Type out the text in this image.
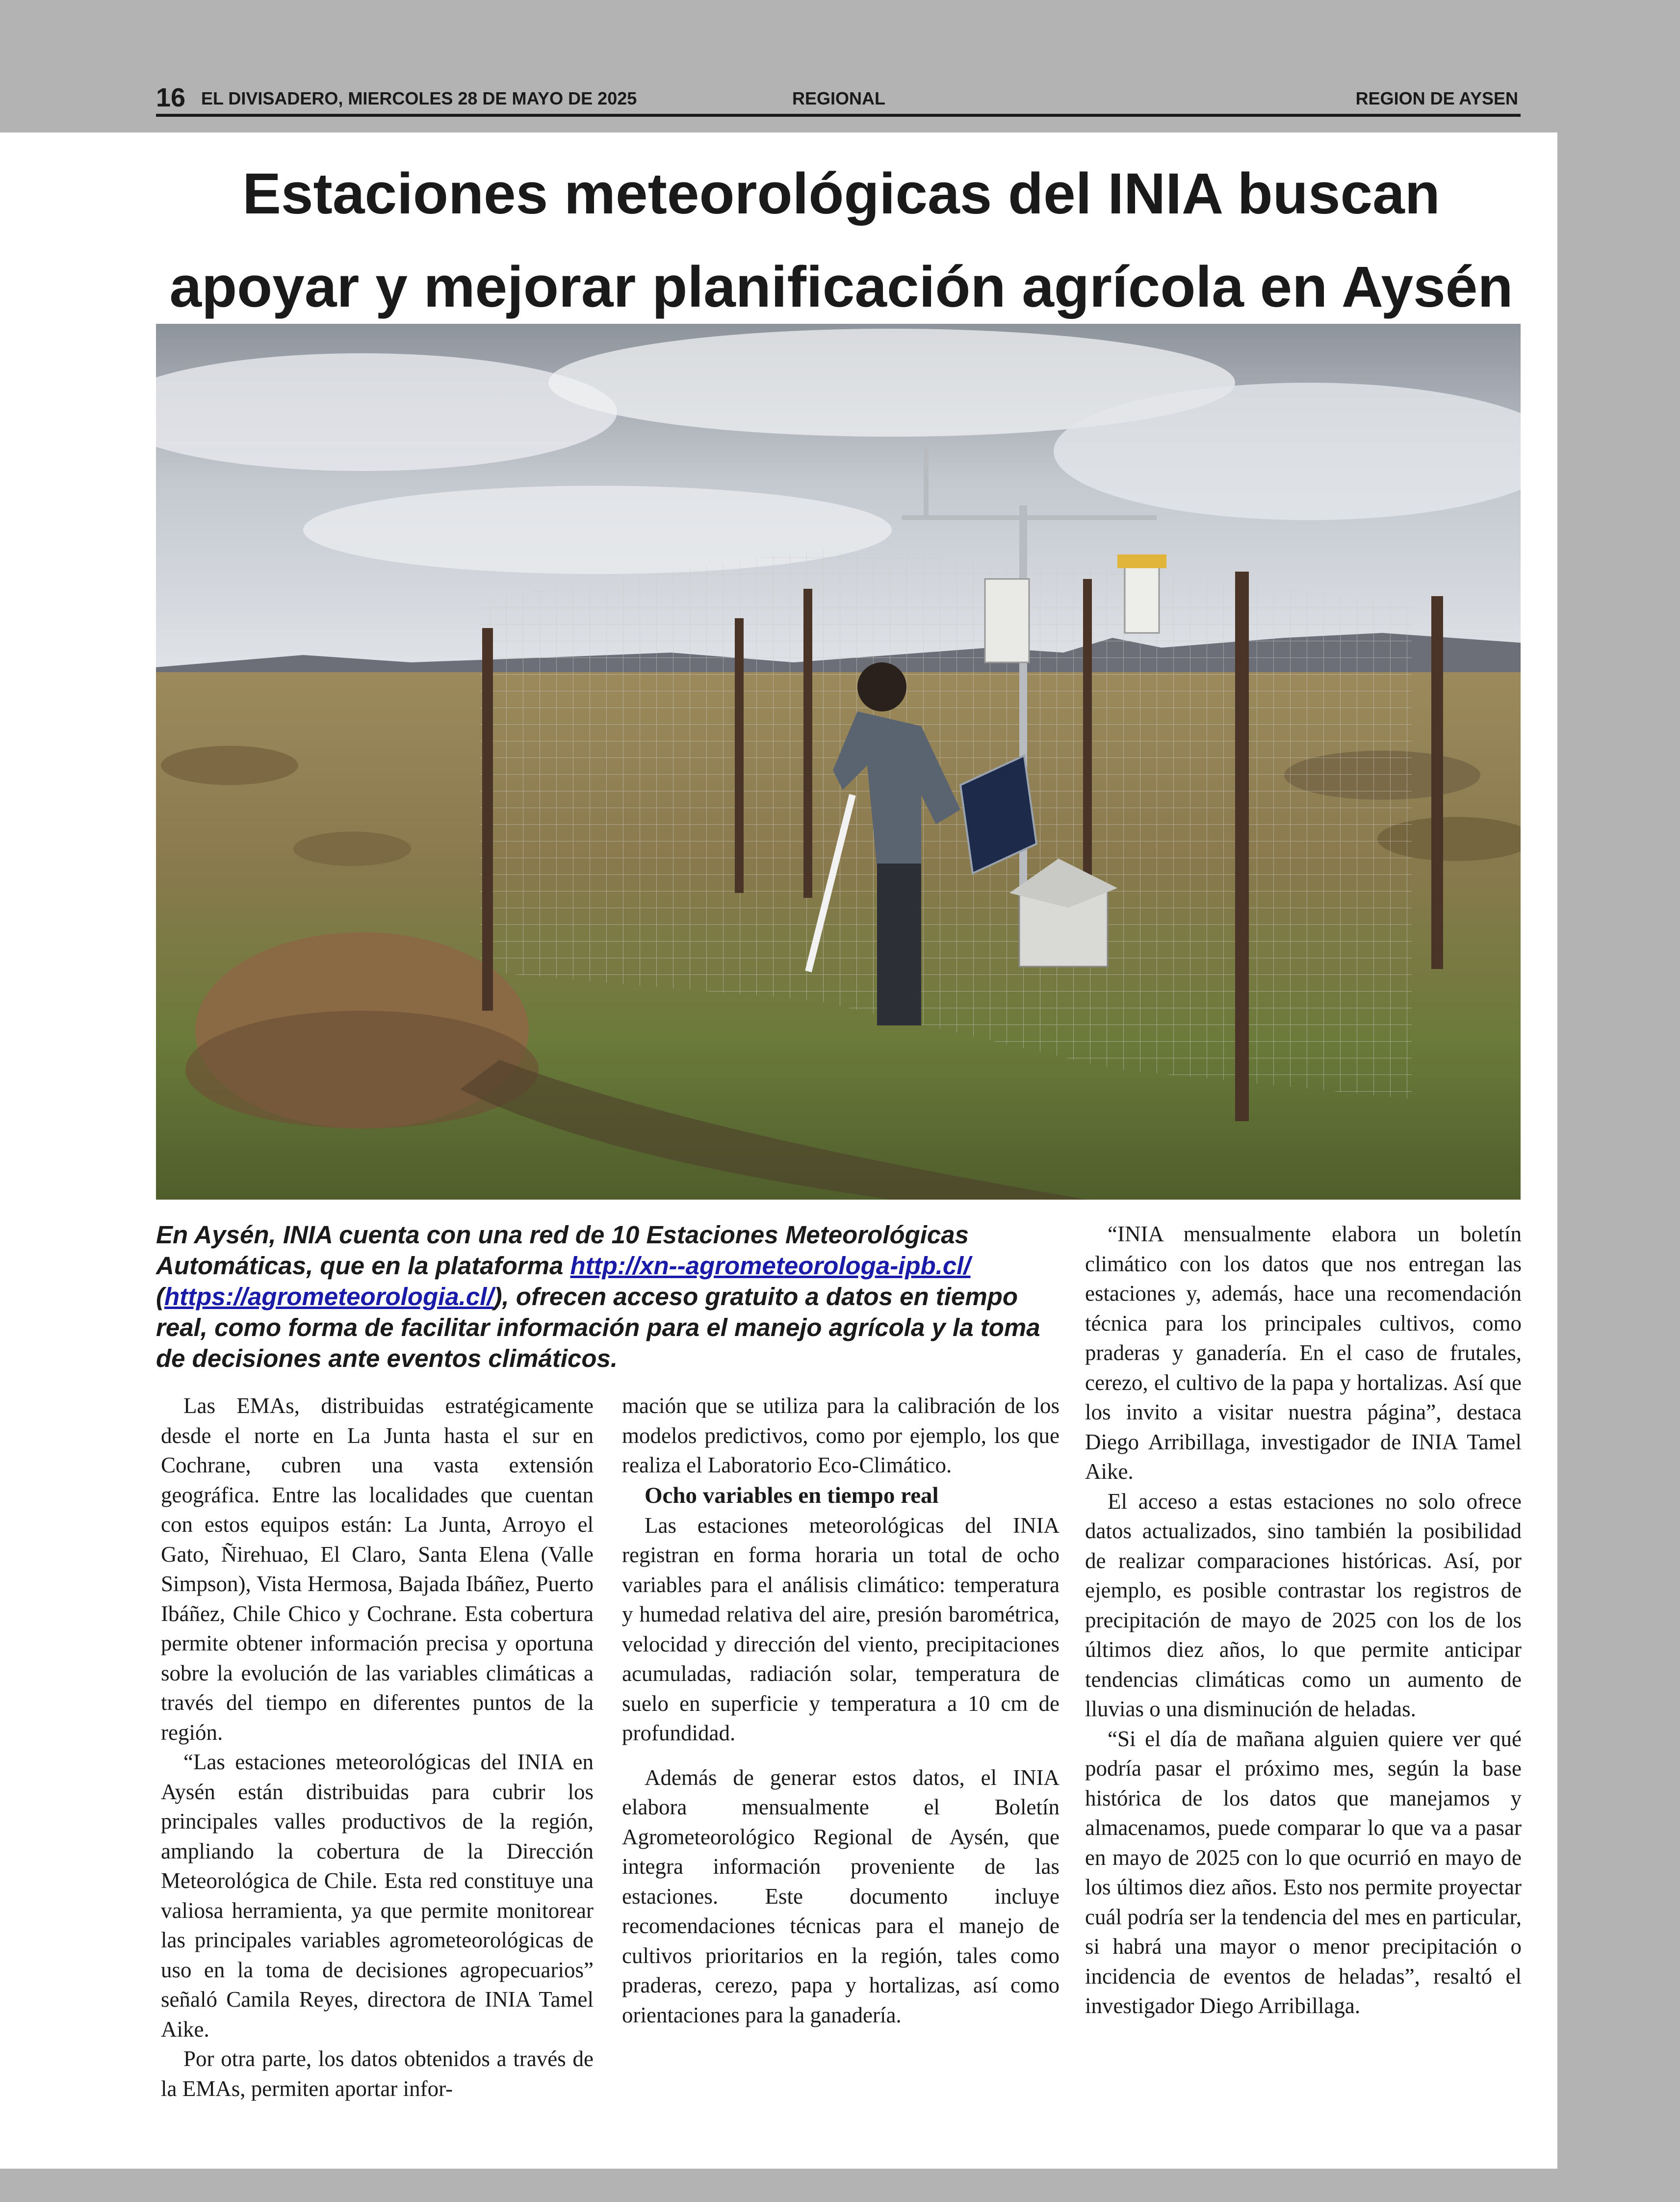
16 EL DIVISADERO, MIERCOLES 28 DE MAYO DE 2025	REGIONAL	REGION DE AYSEN
Estaciones meteorológicas del INIA buscan
apoyar y mejorar planificación agrícola en Aysén
En Aysén, INIA cuenta con una red de 10 Estaciones Meteorológicas Automáticas, que en la plataforma http://xn--agrometeorologa-ipb.cl/ (https://agrometeorologia.cl/), ofrecen acceso gratuito a datos en tiempo real, como forma de facilitar información para el manejo agrícola y la toma de decisiones ante eventos climáticos.

Las EMAs, distribuidas estratégicamente desde el norte en La Junta hasta el sur en Cochrane, cubren una vasta extensión geográfica. Entre las localidades que cuentan con estos equipos están: La Junta, Arroyo el Gato, Ñirehuao, El Claro, Santa Elena (Valle Simpson), Vista Hermosa, Bajada Ibáñez, Puerto Ibáñez, Chile Chico y Cochrane. Esta cobertura permite obtener información precisa y oportuna sobre la evolución de las variables climáticas a través del tiempo en diferentes puntos de la región.

“Las estaciones meteorológicas del INIA en Aysén están distribuidas para cubrir los principales valles productivos de la región, ampliando la cobertura de la Dirección Meteorológica de Chile. Esta red constituye una valiosa herramienta, ya que permite monitorear las principales variables agrometeorológicas de uso en la toma de decisiones agropecuarios” señaló Camila Reyes, directora de INIA Tamel Aike.

Por otra parte, los datos obtenidos a través de la EMAs, permiten aportar infor-

mación que se utiliza para la calibración de los modelos predictivos, como por ejemplo, los que realiza el Laboratorio Eco-Climático.

Ocho variables en tiempo real

Las estaciones meteorológicas del INIA registran en forma horaria un total de ocho variables para el análisis climático: temperatura y humedad relativa del aire, presión barométrica, velocidad y dirección del viento, precipitaciones acumuladas, radiación solar, temperatura de suelo en superficie y temperatura a 10 cm de profundidad.

Además de generar estos datos, el INIA elabora mensualmente el Boletín Agrometeorológico Regional de Aysén, que integra información proveniente de las estaciones. Este documento incluye recomendaciones técnicas para el manejo de cultivos prioritarios en la región, tales como praderas, cerezo, papa y hortalizas, así como orientaciones para la ganadería.

“INIA mensualmente elabora un boletín climático con los datos que nos entregan las estaciones y, además, hace una recomendación técnica para los principales cultivos, como praderas y ganadería. En el caso de frutales, cerezo, el cultivo de la papa y hortalizas. Así que los invito a visitar nuestra página”, destaca Diego Arribillaga, investigador de INIA Tamel Aike.

El acceso a estas estaciones no solo ofrece datos actualizados, sino también la posibilidad de realizar comparaciones históricas. Así, por ejemplo, es posible contrastar los registros de precipitación de mayo de 2025 con los de los últimos diez años, lo que permite anticipar tendencias climáticas como un aumento de lluvias o una disminución de heladas.

“Si el día de mañana alguien quiere ver qué podría pasar el próximo mes, según la base histórica de los datos que manejamos y almacenamos, puede comparar lo que va a pasar en mayo de 2025 con lo que ocurrió en mayo de los últimos diez años. Esto nos permite proyectar cuál podría ser la tendencia del mes en particular, si habrá una mayor o menor precipitación o incidencia de eventos de heladas”, resaltó el investigador Diego Arribillaga.
